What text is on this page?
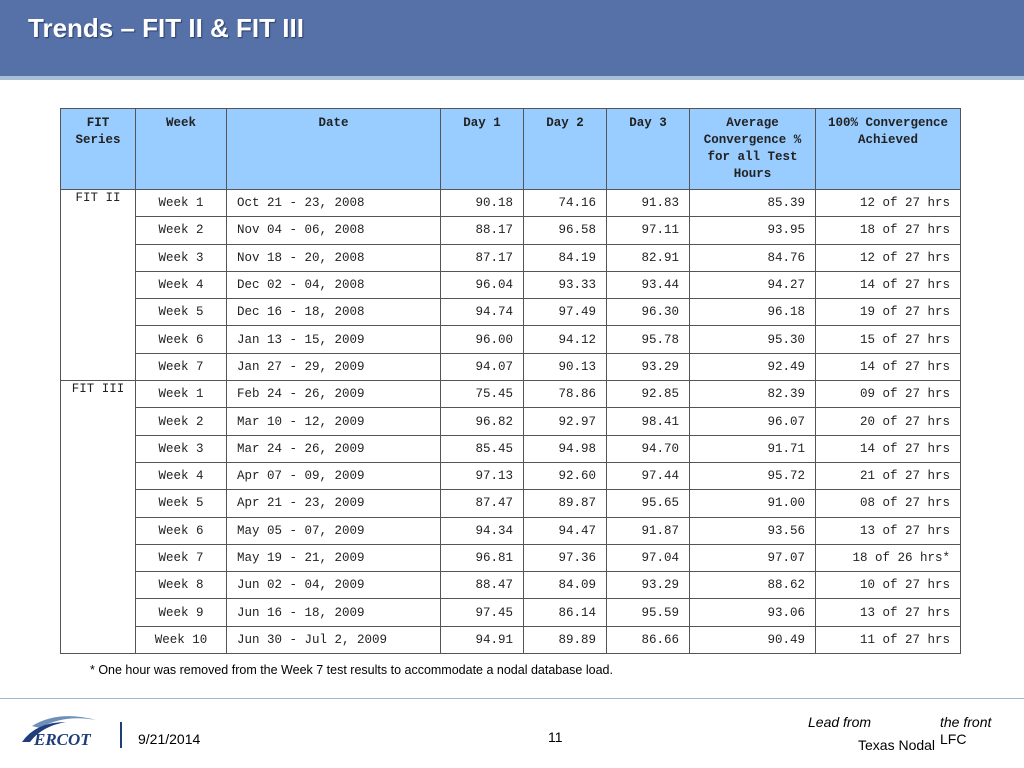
Trends – FIT II & FIT III
FIT Series	Week	Date	Day 1	Day 2	Day 3	Average Convergence % for all Test Hours	100% Convergence Achieved
FIT II	Week 1	Oct 21 - 23, 2008	90.18	74.16	91.83	85.39	12 of 27 hrs
	Week 2	Nov 04 - 06, 2008	88.17	96.58	97.11	93.95	18 of 27 hrs
	Week 3	Nov 18 - 20, 2008	87.17	84.19	82.91	84.76	12 of 27 hrs
	Week 4	Dec 02 - 04, 2008	96.04	93.33	93.44	94.27	14 of 27 hrs
	Week 5	Dec 16 - 18, 2008	94.74	97.49	96.30	96.18	19 of 27 hrs
	Week 6	Jan 13 - 15, 2009	96.00	94.12	95.78	95.30	15 of 27 hrs
	Week 7	Jan 27 - 29, 2009	94.07	90.13	93.29	92.49	14 of 27 hrs
FIT III	Week 1	Feb 24 - 26, 2009	75.45	78.86	92.85	82.39	09 of 27 hrs
	Week 2	Mar 10 - 12, 2009	96.82	92.97	98.41	96.07	20 of 27 hrs
	Week 3	Mar 24 - 26, 2009	85.45	94.98	94.70	91.71	14 of 27 hrs
	Week 4	Apr 07 - 09, 2009	97.13	92.60	97.44	95.72	21 of 27 hrs
	Week 5	Apr 21 - 23, 2009	87.47	89.87	95.65	91.00	08 of 27 hrs
	Week 6	May 05 - 07, 2009	94.34	94.47	91.87	93.56	13 of 27 hrs
	Week 7	May 19 - 21, 2009	96.81	97.36	97.04	97.07	18 of 26 hrs*
	Week 8	Jun 02 - 04, 2009	88.47	84.09	93.29	88.62	10 of 27 hrs
	Week 9	Jun 16 - 18, 2009	97.45	86.14	95.59	93.06	13 of 27 hrs
	Week 10	Jun 30 - Jul 2, 2009	94.91	89.89	86.66	90.49	11 of 27 hrs
* One hour was removed from the Week 7 test results to accommodate a nodal database load.
ERCOT	9/21/2014	11
Lead from	the front
LFC
Texas Nodal
